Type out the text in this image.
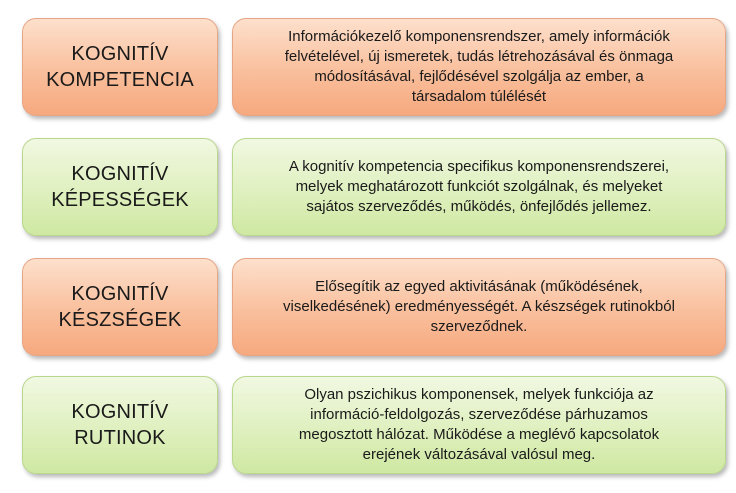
KOGNITÍV
KOMPETENCIA
Információkezelő komponensrendszer, amely információk
felvételével, új ismeretek, tudás létrehozásával és önmaga
módosításával, fejlődésével szolgálja az ember, a
társadalom túlélését
KOGNITÍV
KÉPESSÉGEK
A kognitív kompetencia specifikus komponensrendszerei,
melyek meghatározott funkciót szolgálnak, és melyeket
sajátos szerveződés, működés, önfejlődés jellemez.
KOGNITÍV
KÉSZSÉGEK
Elősegítik az egyed aktivitásának (működésének,
viselkedésének) eredményességét. A készségek rutinokból
szerveződnek.
KOGNITÍV
RUTINOK
Olyan pszichikus komponensek, melyek funkciója az
információ-feldolgozás, szerveződése párhuzamos
megosztott hálózat. Működése a meglévő kapcsolatok
erejének változásával valósul meg.
